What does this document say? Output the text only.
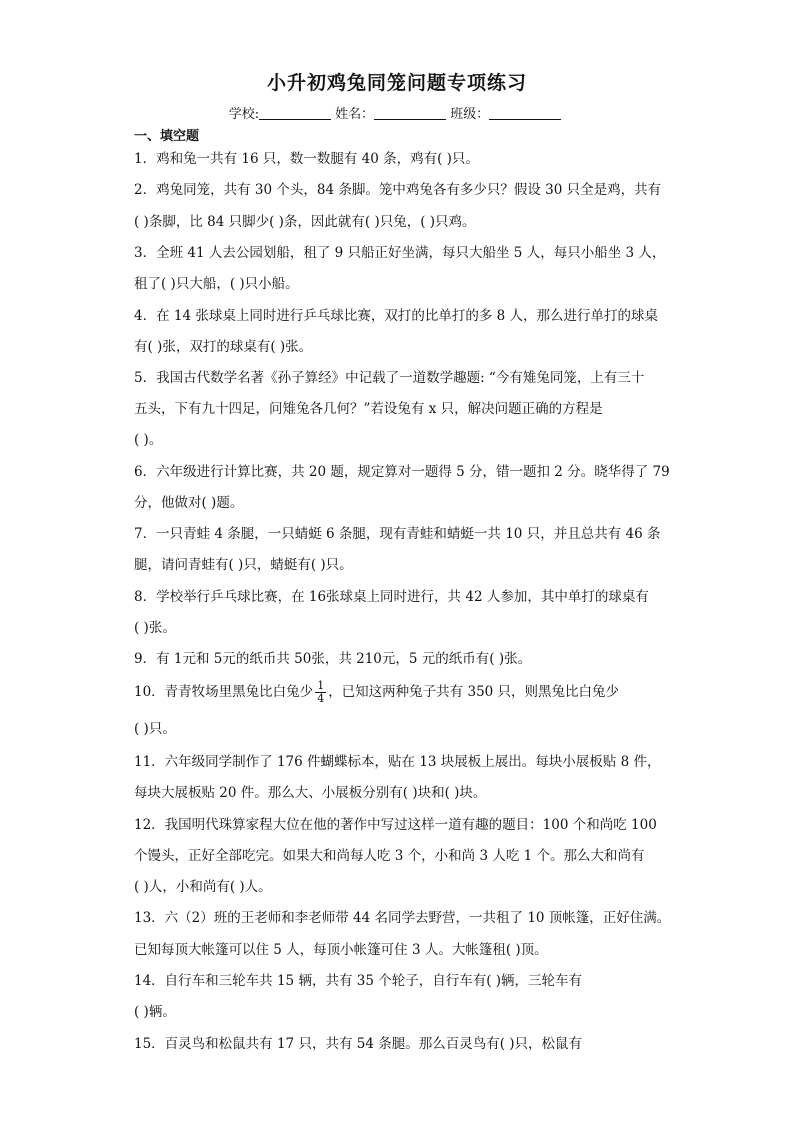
小升初鸡兔同笼问题专项练习
学校:	姓名：	班级：
一、填空题
1．鸡和兔一共有 16 只，数一数腿有 40 条，鸡有( )只。
2．鸡兔同笼，共有 30 个头，84 条脚。笼中鸡兔各有多少只？假设 30 只全是鸡，共有
( )条脚，比 84 只脚少( )条，因此就有( )只兔，( )只鸡。
3．全班 41 人去公园划船，租了 9 只船正好坐满，每只大船坐 5 人，每只小船坐 3 人，
租了( )只大船，( )只小船。
4．在 14 张球桌上同时进行乒乓球比赛，双打的比单打的多 8 人，那么进行单打的球桌
有( )张，双打的球桌有( )张。
5．我国古代数学名著《孙子算经》中记载了一道数学趣题: “今有雉兔同笼，上有三十
五头，下有九十四足，问雉兔各几何？”若设兔有 x 只，解决问题正确的方程是
( )。
6．六年级进行计算比赛，共 20 题，规定算对一题得 5 分，错一题扣 2 分。晓华得了 79
分，他做对( )题。
7．一只青蛙 4 条腿，一只蜻蜓 6 条腿，现有青蛙和蜻蜓一共 10 只，并且总共有 46 条
腿，请问青蛙有( )只，蜻蜓有( )只。
8．学校举行乒乓球比赛，在 16张球桌上同时进行，共 42 人参加，其中单打的球桌有
( )张。
9．有 1元和 5元的纸币共 50张，共 210元，5 元的纸币有( )张。
10．青青牧场里黑兔比白兔少 $\frac{1}{4}$ ，已知这两种兔子共有 350 只，则黑兔比白兔少
( )只。
11．六年级同学制作了 176 件蝴蝶标本，贴在 13 块展板上展出。每块小展板贴 8 件，
每块大展板贴 20 件。那么大、小展板分别有( )块和( )块。
12．我国明代珠算家程大位在他的著作中写过这样一道有趣的题目：100 个和尚吃 100
个馒头，正好全部吃完。如果大和尚每人吃 3 个，小和尚 3 人吃 1 个。那么大和尚有
( )人，小和尚有( )人。
13．六（2）班的王老师和李老师带 44 名同学去野营，一共租了 10 顶帐篷，正好住满。
已知每顶大帐篷可以住 5 人，每顶小帐篷可住 3 人。大帐篷租( )顶。
14．自行车和三轮车共 15 辆，共有 35 个轮子，自行车有( )辆，三轮车有
( )辆。
15．百灵鸟和松鼠共有 17 只，共有 54 条腿。那么百灵鸟有( )只，松鼠有
